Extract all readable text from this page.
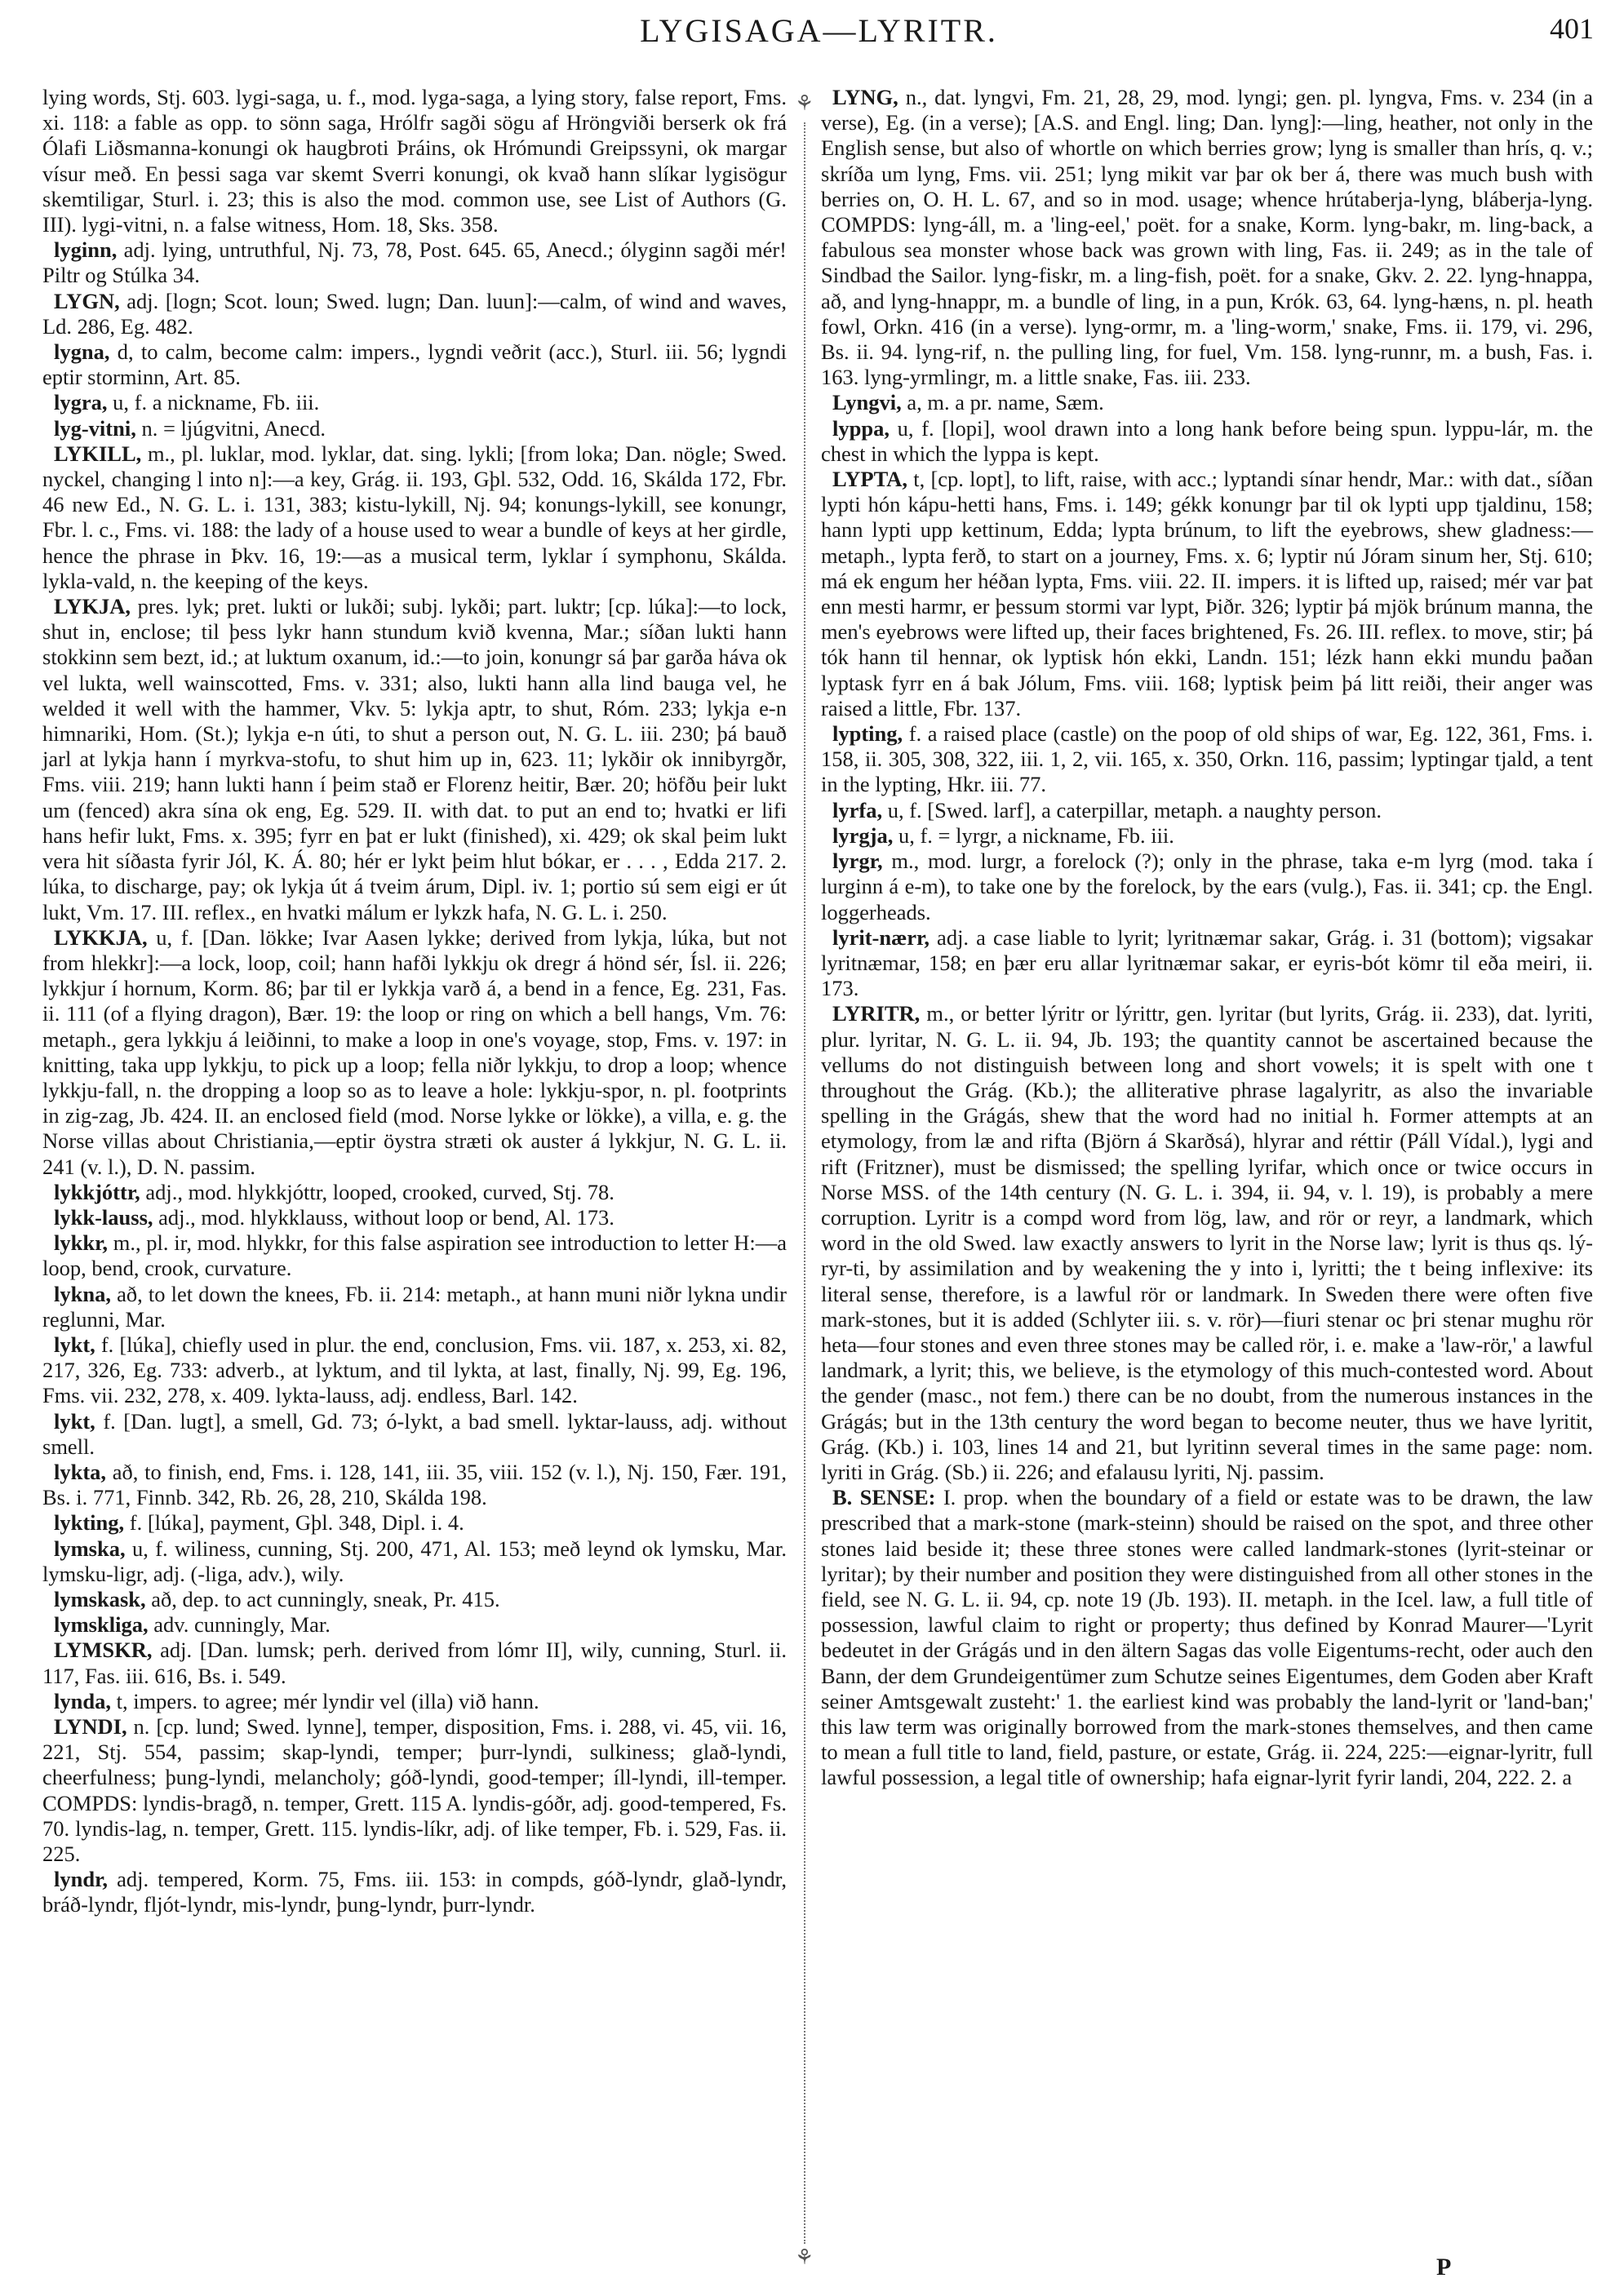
LYGISAGA—LYRITR.	401
⚘
⚘

lying words, Stj. 603. lygi-saga, u. f., mod. lyga-saga, a lying story, false report, Fms. xi. 118: a fable as opp. to sönn saga, Hrólfr sagði sögu af Hröngviði berserk ok frá Ólafi Liðsmanna-konungi ok haugbroti Þráins, ok Hrómundi Greipssyni, ok margar vísur með. En þessi saga var skemt Sverri konungi, ok kvað hann slíkar lygisögur skemtiligar, Sturl. i. 23; this is also the mod. common use, see List of Authors (G. III). lygi-vitni, n. a false witness, Hom. 18, Sks. 358.

lyginn, adj. lying, untruthful, Nj. 73, 78, Post. 645. 65, Anecd.; ólyginn sagði mér! Piltr og Stúlka 34.

LYGN, adj. [logn; Scot. loun; Swed. lugn; Dan. luun]:—calm, of wind and waves, Ld. 286, Eg. 482.

lygna, d, to calm, become calm: impers., lygndi veðrit (acc.), Sturl. iii. 56; lygndi eptir storminn, Art. 85.

lygra, u, f. a nickname, Fb. iii.

lyg-vitni, n. = ljúgvitni, Anecd.

LYKILL, m., pl. luklar, mod. lyklar, dat. sing. lykli; [from loka; Dan. nögle; Swed. nyckel, changing l into n]:—a key, Grág. ii. 193, Gþl. 532, Odd. 16, Skálda 172, Fbr. 46 new Ed., N. G. L. i. 131, 383; kistu-lykill, Nj. 94; konungs-lykill, see konungr, Fbr. l. c., Fms. vi. 188: the lady of a house used to wear a bundle of keys at her girdle, hence the phrase in Þkv. 16, 19:—as a musical term, lyklar í symphonu, Skálda. lykla-vald, n. the keeping of the keys.

LYKJA, pres. lyk; pret. lukti or lukði; subj. lykði; part. luktr; [cp. lúka]:—to lock, shut in, enclose; til þess lykr hann stundum kvið kvenna, Mar.; síðan lukti hann stokkinn sem bezt, id.; at luktum oxanum, id.:—to join, konungr sá þar garða háva ok vel lukta, well wainscotted, Fms. v. 331; also, lukti hann alla lind bauga vel, he welded it well with the hammer, Vkv. 5: lykja aptr, to shut, Róm. 233; lykja e-n himnariki, Hom. (St.); lykja e-n úti, to shut a person out, N. G. L. iii. 230; þá bauð jarl at lykja hann í myrkva-stofu, to shut him up in, 623. 11; lykðir ok innibyrgðr, Fms. viii. 219; hann lukti hann í þeim stað er Florenz heitir, Bær. 20; höfðu þeir lukt um (fenced) akra sína ok eng, Eg. 529. II. with dat. to put an end to; hvatki er lifi hans hefir lukt, Fms. x. 395; fyrr en þat er lukt (finished), xi. 429; ok skal þeim lukt vera hit síðasta fyrir Jól, K. Á. 80; hér er lykt þeim hlut bókar, er . . . , Edda 217. 2. lúka, to discharge, pay; ok lykja út á tveim árum, Dipl. iv. 1; portio sú sem eigi er út lukt, Vm. 17. III. reflex., en hvatki málum er lykzk hafa, N. G. L. i. 250.

LYKKJA, u, f. [Dan. lökke; Ivar Aasen lykke; derived from lykja, lúka, but not from hlekkr]:—a lock, loop, coil; hann hafði lykkju ok dregr á hönd sér, Ísl. ii. 226; lykkjur í hornum, Korm. 86; þar til er lykkja varð á, a bend in a fence, Eg. 231, Fas. ii. 111 (of a flying dragon), Bær. 19: the loop or ring on which a bell hangs, Vm. 76: metaph., gera lykkju á leiðinni, to make a loop in one's voyage, stop, Fms. v. 197: in knitting, taka upp lykkju, to pick up a loop; fella niðr lykkju, to drop a loop; whence lykkju-fall, n. the dropping a loop so as to leave a hole: lykkju-spor, n. pl. footprints in zig-zag, Jb. 424. II. an enclosed field (mod. Norse lykke or lökke), a villa, e. g. the Norse villas about Christiania,—eptir öystra stræti ok auster á lykkjur, N. G. L. ii. 241 (v. l.), D. N. passim.

lykkjóttr, adj., mod. hlykkjóttr, looped, crooked, curved, Stj. 78.

lykk-lauss, adj., mod. hlykklauss, without loop or bend, Al. 173.

lykkr, m., pl. ir, mod. hlykkr, for this false aspiration see introduction to letter H:—a loop, bend, crook, curvature.

lykna, að, to let down the knees, Fb. ii. 214: metaph., at hann muni niðr lykna undir reglunni, Mar.

lykt, f. [lúka], chiefly used in plur. the end, conclusion, Fms. vii. 187, x. 253, xi. 82, 217, 326, Eg. 733: adverb., at lyktum, and til lykta, at last, finally, Nj. 99, Eg. 196, Fms. vii. 232, 278, x. 409. lykta-lauss, adj. endless, Barl. 142.

lykt, f. [Dan. lugt], a smell, Gd. 73; ó-lykt, a bad smell. lyktar-lauss, adj. without smell.

lykta, að, to finish, end, Fms. i. 128, 141, iii. 35, viii. 152 (v. l.), Nj. 150, Fær. 191, Bs. i. 771, Finnb. 342, Rb. 26, 28, 210, Skálda 198.

lykting, f. [lúka], payment, Gþl. 348, Dipl. i. 4.

lymska, u, f. wiliness, cunning, Stj. 200, 471, Al. 153; með leynd ok lymsku, Mar. lymsku-ligr, adj. (-liga, adv.), wily.

lymskask, að, dep. to act cunningly, sneak, Pr. 415.

lymskliga, adv. cunningly, Mar.

LYMSKR, adj. [Dan. lumsk; perh. derived from lómr II], wily, cunning, Sturl. ii. 117, Fas. iii. 616, Bs. i. 549.

lynda, t, impers. to agree; mér lyndir vel (illa) við hann.

LYNDI, n. [cp. lund; Swed. lynne], temper, disposition, Fms. i. 288, vi. 45, vii. 16, 221, Stj. 554, passim; skap-lyndi, temper; þurr-lyndi, sulkiness; glað-lyndi, cheerfulness; þung-lyndi, melancholy; góð-lyndi, good-temper; íll-lyndi, ill-temper. COMPDS: lyndis-bragð, n. temper, Grett. 115 A. lyndis-góðr, adj. good-tempered, Fs. 70. lyndis-lag, n. temper, Grett. 115. lyndis-líkr, adj. of like temper, Fb. i. 529, Fas. ii. 225.

lyndr, adj. tempered, Korm. 75, Fms. iii. 153: in compds, góð-lyndr, glað-lyndr, bráð-lyndr, fljót-lyndr, mis-lyndr, þung-lyndr, þurr-lyndr.

LYNG, n., dat. lyngvi, Fm. 21, 28, 29, mod. lyngi; gen. pl. lyngva, Fms. v. 234 (in a verse), Eg. (in a verse); [A.S. and Engl. ling; Dan. lyng]:—ling, heather, not only in the English sense, but also of whortle on which berries grow; lyng is smaller than hrís, q. v.; skríða um lyng, Fms. vii. 251; lyng mikit var þar ok ber á, there was much bush with berries on, O. H. L. 67, and so in mod. usage; whence hrútaberja-lyng, bláberja-lyng. COMPDS: lyng-áll, m. a 'ling-eel,' poët. for a snake, Korm. lyng-bakr, m. ling-back, a fabulous sea monster whose back was grown with ling, Fas. ii. 249; as in the tale of Sindbad the Sailor. lyng-fiskr, m. a ling-fish, poët. for a snake, Gkv. 2. 22. lyng-hnappa, að, and lyng-hnappr, m. a bundle of ling, in a pun, Krók. 63, 64. lyng-hæns, n. pl. heath fowl, Orkn. 416 (in a verse). lyng-ormr, m. a 'ling-worm,' snake, Fms. ii. 179, vi. 296, Bs. ii. 94. lyng-rif, n. the pulling ling, for fuel, Vm. 158. lyng-runnr, m. a bush, Fas. i. 163. lyng-yrmlingr, m. a little snake, Fas. iii. 233.

Lyngvi, a, m. a pr. name, Sæm.

lyppa, u, f. [lopi], wool drawn into a long hank before being spun. lyppu-lár, m. the chest in which the lyppa is kept.

LYPTA, t, [cp. lopt], to lift, raise, with acc.; lyptandi sínar hendr, Mar.: with dat., síðan lypti hón kápu-hetti hans, Fms. i. 149; gékk konungr þar til ok lypti upp tjaldinu, 158; hann lypti upp kettinum, Edda; lypta brúnum, to lift the eyebrows, shew gladness:—metaph., lypta ferð, to start on a journey, Fms. x. 6; lyptir nú Jóram sinum her, Stj. 610; má ek engum her héðan lypta, Fms. viii. 22. II. impers. it is lifted up, raised; mér var þat enn mesti harmr, er þessum stormi var lypt, Þiðr. 326; lyptir þá mjök brúnum manna, the men's eyebrows were lifted up, their faces brightened, Fs. 26. III. reflex. to move, stir; þá tók hann til hennar, ok lyptisk hón ekki, Landn. 151; lézk hann ekki mundu þaðan lyptask fyrr en á bak Jólum, Fms. viii. 168; lyptisk þeim þá litt reiði, their anger was raised a little, Fbr. 137.

lypting, f. a raised place (castle) on the poop of old ships of war, Eg. 122, 361, Fms. i. 158, ii. 305, 308, 322, iii. 1, 2, vii. 165, x. 350, Orkn. 116, passim; lyptingar tjald, a tent in the lypting, Hkr. iii. 77.

lyrfa, u, f. [Swed. larf], a caterpillar, metaph. a naughty person.

lyrgja, u, f. = lyrgr, a nickname, Fb. iii.

lyrgr, m., mod. lurgr, a forelock (?); only in the phrase, taka e-m lyrg (mod. taka í lurginn á e-m), to take one by the forelock, by the ears (vulg.), Fas. ii. 341; cp. the Engl. loggerheads.

lyrit-nærr, adj. a case liable to lyrit; lyritnæmar sakar, Grág. i. 31 (bottom); vigsakar lyritnæmar, 158; en þær eru allar lyritnæmar sakar, er eyris-bót kömr til eða meiri, ii. 173.

LYRITR, m., or better lýritr or lýrittr, gen. lyritar (but lyrits, Grág. ii. 233), dat. lyriti, plur. lyritar, N. G. L. ii. 94, Jb. 193; the quantity cannot be ascertained because the vellums do not distinguish between long and short vowels; it is spelt with one t throughout the Grág. (Kb.); the alliterative phrase lagalyritr, as also the invariable spelling in the Grágás, shew that the word had no initial h. Former attempts at an etymology, from læ and rifta (Björn á Skarðsá), hlyrar and réttir (Páll Vídal.), lygi and rift (Fritzner), must be dismissed; the spelling lyrifar, which once or twice occurs in Norse MSS. of the 14th century (N. G. L. i. 394, ii. 94, v. l. 19), is probably a mere corruption. Lyritr is a compd word from lög, law, and rör or reyr, a landmark, which word in the old Swed. law exactly answers to lyrit in the Norse law; lyrit is thus qs. lý-ryr-ti, by assimilation and by weakening the y into i, lyritti; the t being inflexive: its literal sense, therefore, is a lawful rör or landmark. In Sweden there were often five mark-stones, but it is added (Schlyter iii. s. v. rör)—fiuri stenar oc þri stenar mughu rör heta—four stones and even three stones may be called rör, i. e. make a 'law-rör,' a lawful landmark, a lyrit; this, we believe, is the etymology of this much-contested word. About the gender (masc., not fem.) there can be no doubt, from the numerous instances in the Grágás; but in the 13th century the word began to become neuter, thus we have lyritit, Grág. (Kb.) i. 103, lines 14 and 21, but lyritinn several times in the same page: nom. lyriti in Grág. (Sb.) ii. 226; and efalausu lyriti, Nj. passim.

B. SENSE: I. prop. when the boundary of a field or estate was to be drawn, the law prescribed that a mark-stone (mark-steinn) should be raised on the spot, and three other stones laid beside it; these three stones were called landmark-stones (lyrit-steinar or lyritar); by their number and position they were distinguished from all other stones in the field, see N. G. L. ii. 94, cp. note 19 (Jb. 193). II. metaph. in the Icel. law, a full title of possession, lawful claim to right or property; thus defined by Konrad Maurer—'Lyrit bedeutet in der Grágás und in den ältern Sagas das volle Eigentums-recht, oder auch den Bann, der dem Grundeigentümer zum Schutze seines Eigentumes, dem Goden aber Kraft seiner Amtsgewalt zusteht:' 1. the earliest kind was probably the land-lyrit or 'land-ban;' this law term was originally borrowed from the mark-stones themselves, and then came to mean a full title to land, field, pasture, or estate, Grág. ii. 224, 225:—eignar-lyritr, full lawful possession, a legal title of ownership; hafa eignar-lyrit fyrir landi, 204, 222. 2. a

P
